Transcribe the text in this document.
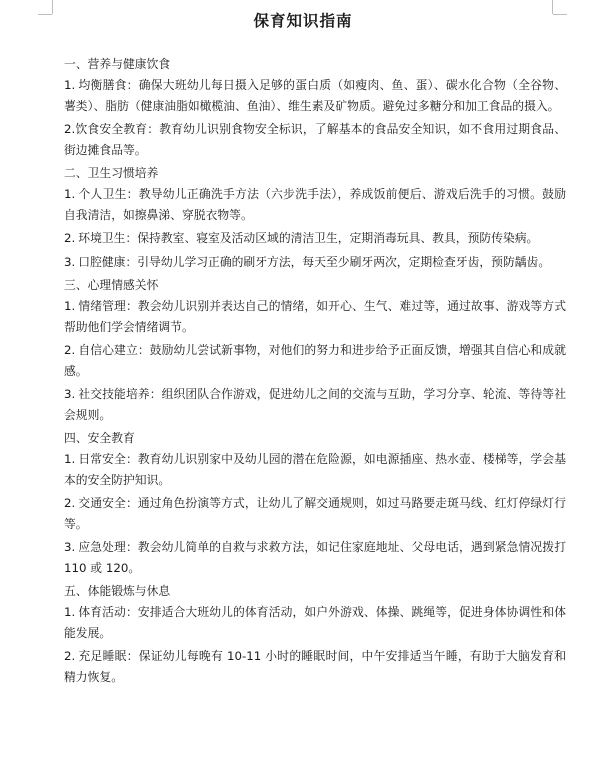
保育知识指南
一、营养与健康饮食

1. 均衡膳食：确保大班幼儿每日摄入足够的蛋白质（如瘦肉、鱼、蛋）、碳水化合物（全谷物、薯类）、脂肪（健康油脂如橄榄油、鱼油）、维生素及矿物质。避免过多糖分和加工食品的摄入。

2.饮食安全教育：教育幼儿识别食物安全标识，了解基本的食品安全知识，如不食用过期食品、街边摊食品等。

二、卫生习惯培养

1. 个人卫生：教导幼儿正确洗手方法（六步洗手法），养成饭前便后、游戏后洗手的习惯。鼓励自我清洁，如擦鼻涕、穿脱衣物等。

2. 环境卫生：保持教室、寝室及活动区域的清洁卫生，定期消毒玩具、教具，预防传染病。

3. 口腔健康：引导幼儿学习正确的刷牙方法，每天至少刷牙两次，定期检查牙齿，预防龋齿。

三、心理情感关怀

1. 情绪管理：教会幼儿识别并表达自己的情绪，如开心、生气、难过等，通过故事、游戏等方式帮助他们学会情绪调节。

2. 自信心建立：鼓励幼儿尝试新事物，对他们的努力和进步给予正面反馈，增强其自信心和成就感。

3. 社交技能培养：组织团队合作游戏，促进幼儿之间的交流与互助，学习分享、轮流、等待等社会规则。

四、安全教育

1. 日常安全：教育幼儿识别家中及幼儿园的潜在危险源，如电源插座、热水壶、楼梯等，学会基本的安全防护知识。

2. 交通安全：通过角色扮演等方式，让幼儿了解交通规则，如过马路要走斑马线、红灯停绿灯行等。

3. 应急处理：教会幼儿简单的自救与求救方法，如记住家庭地址、父母电话，遇到紧急情况拨打 110 或 120。

五、体能锻炼与休息

1. 体育活动：安排适合大班幼儿的体育活动，如户外游戏、体操、跳绳等，促进身体协调性和体能发展。

2. 充足睡眠：保证幼儿每晚有 10-11 小时的睡眠时间，中午安排适当午睡，有助于大脑发育和精力恢复。
